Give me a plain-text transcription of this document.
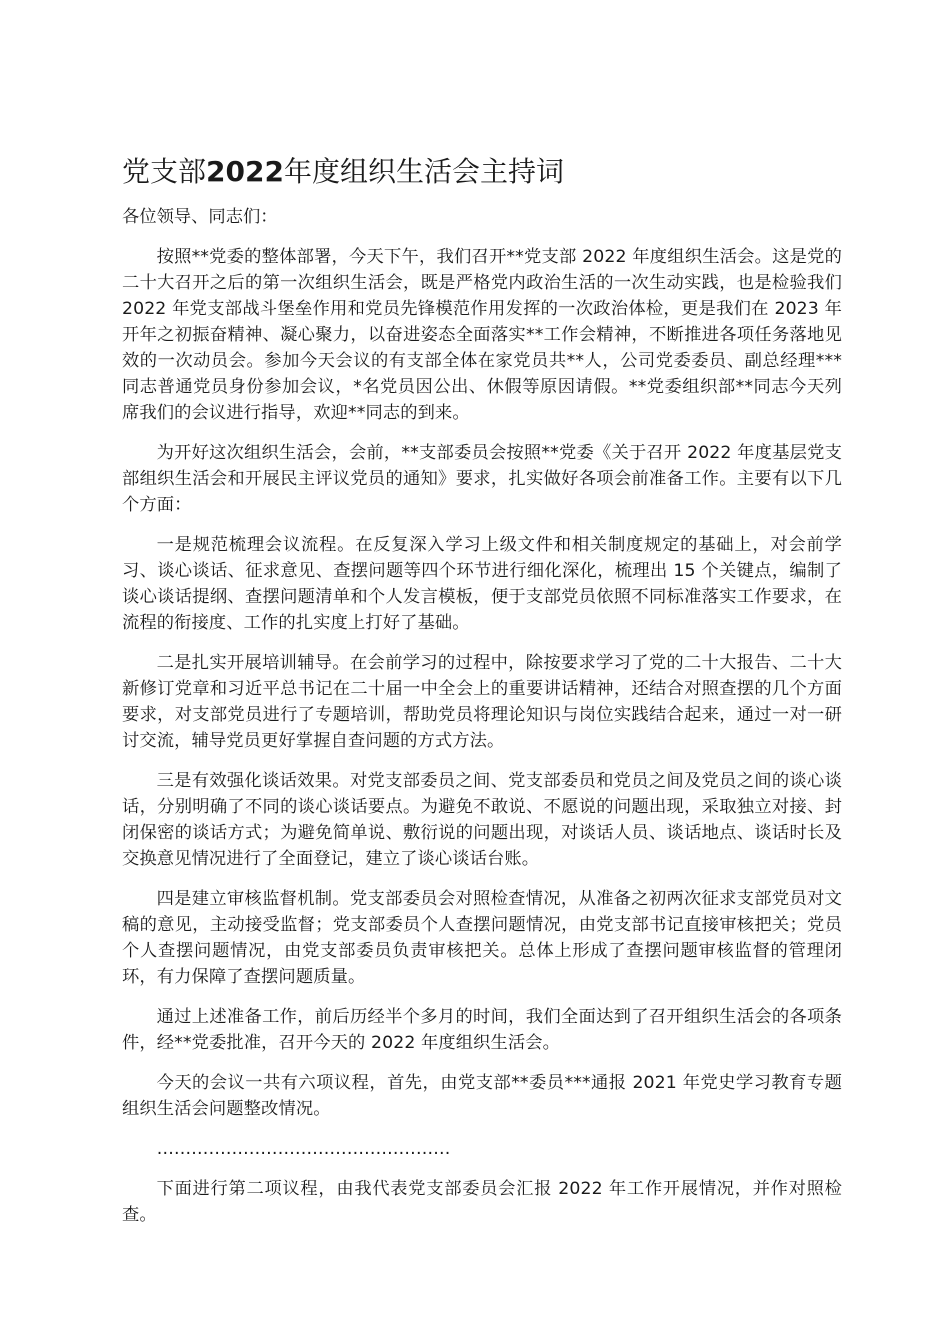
党支部2022年度组织生活会主持词

各位领导、同志们：

按照**党委的整体部署，今天下午，我们召开**党支部 2022 年度组织生活会。这是党的二十大召开之后的第一次组织生活会，既是严格党内政治生活的一次生动实践，也是检验我们 2022 年党支部战斗堡垒作用和党员先锋模范作用发挥的一次政治体检，更是我们在 2023 年开年之初振奋精神、凝心聚力，以奋进姿态全面落实**工作会精神，不断推进各项任务落地见效的一次动员会。参加今天会议的有支部全体在家党员共**人，公司党委委员、副总经理***同志普通党员身份参加会议，*名党员因公出、休假等原因请假。**党委组织部**同志今天列席我们的会议进行指导，欢迎**同志的到来。

为开好这次组织生活会，会前，**支部委员会按照**党委《关于召开 2022 年度基层党支部组织生活会和开展民主评议党员的通知》要求，扎实做好各项会前准备工作。主要有以下几个方面：

一是规范梳理会议流程。在反复深入学习上级文件和相关制度规定的基础上，对会前学习、谈心谈话、征求意见、查摆问题等四个环节进行细化深化，梳理出 15 个关键点，编制了谈心谈话提纲、查摆问题清单和个人发言模板，便于支部党员依照不同标准落实工作要求，在流程的衔接度、工作的扎实度上打好了基础。

二是扎实开展培训辅导。在会前学习的过程中，除按要求学习了党的二十大报告、二十大新修订党章和习近平总书记在二十届一中全会上的重要讲话精神，还结合对照查摆的几个方面要求，对支部党员进行了专题培训，帮助党员将理论知识与岗位实践结合起来，通过一对一研讨交流，辅导党员更好掌握自查问题的方式方法。

三是有效强化谈话效果。对党支部委员之间、党支部委员和党员之间及党员之间的谈心谈话，分别明确了不同的谈心谈话要点。为避免不敢说、不愿说的问题出现，采取独立对接、封闭保密的谈话方式；为避免简单说、敷衍说的问题出现，对谈话人员、谈话地点、谈话时长及交换意见情况进行了全面登记，建立了谈心谈话台账。

四是建立审核监督机制。党支部委员会对照检查情况，从准备之初两次征求支部党员对文稿的意见，主动接受监督；党支部委员个人查摆问题情况，由党支部书记直接审核把关；党员个人查摆问题情况，由党支部委员负责审核把关。总体上形成了查摆问题审核监督的管理闭环，有力保障了查摆问题质量。

通过上述准备工作，前后历经半个多月的时间，我们全面达到了召开组织生活会的各项条件，经**党委批准，召开今天的 2022 年度组织生活会。

今天的会议一共有六项议程，首先，由党支部**委员***通报 2021 年党史学习教育专题组织生活会问题整改情况。

……………………………………………

下面进行第二项议程，由我代表党支部委员会汇报 2022 年工作开展情况，并作对照检查。
